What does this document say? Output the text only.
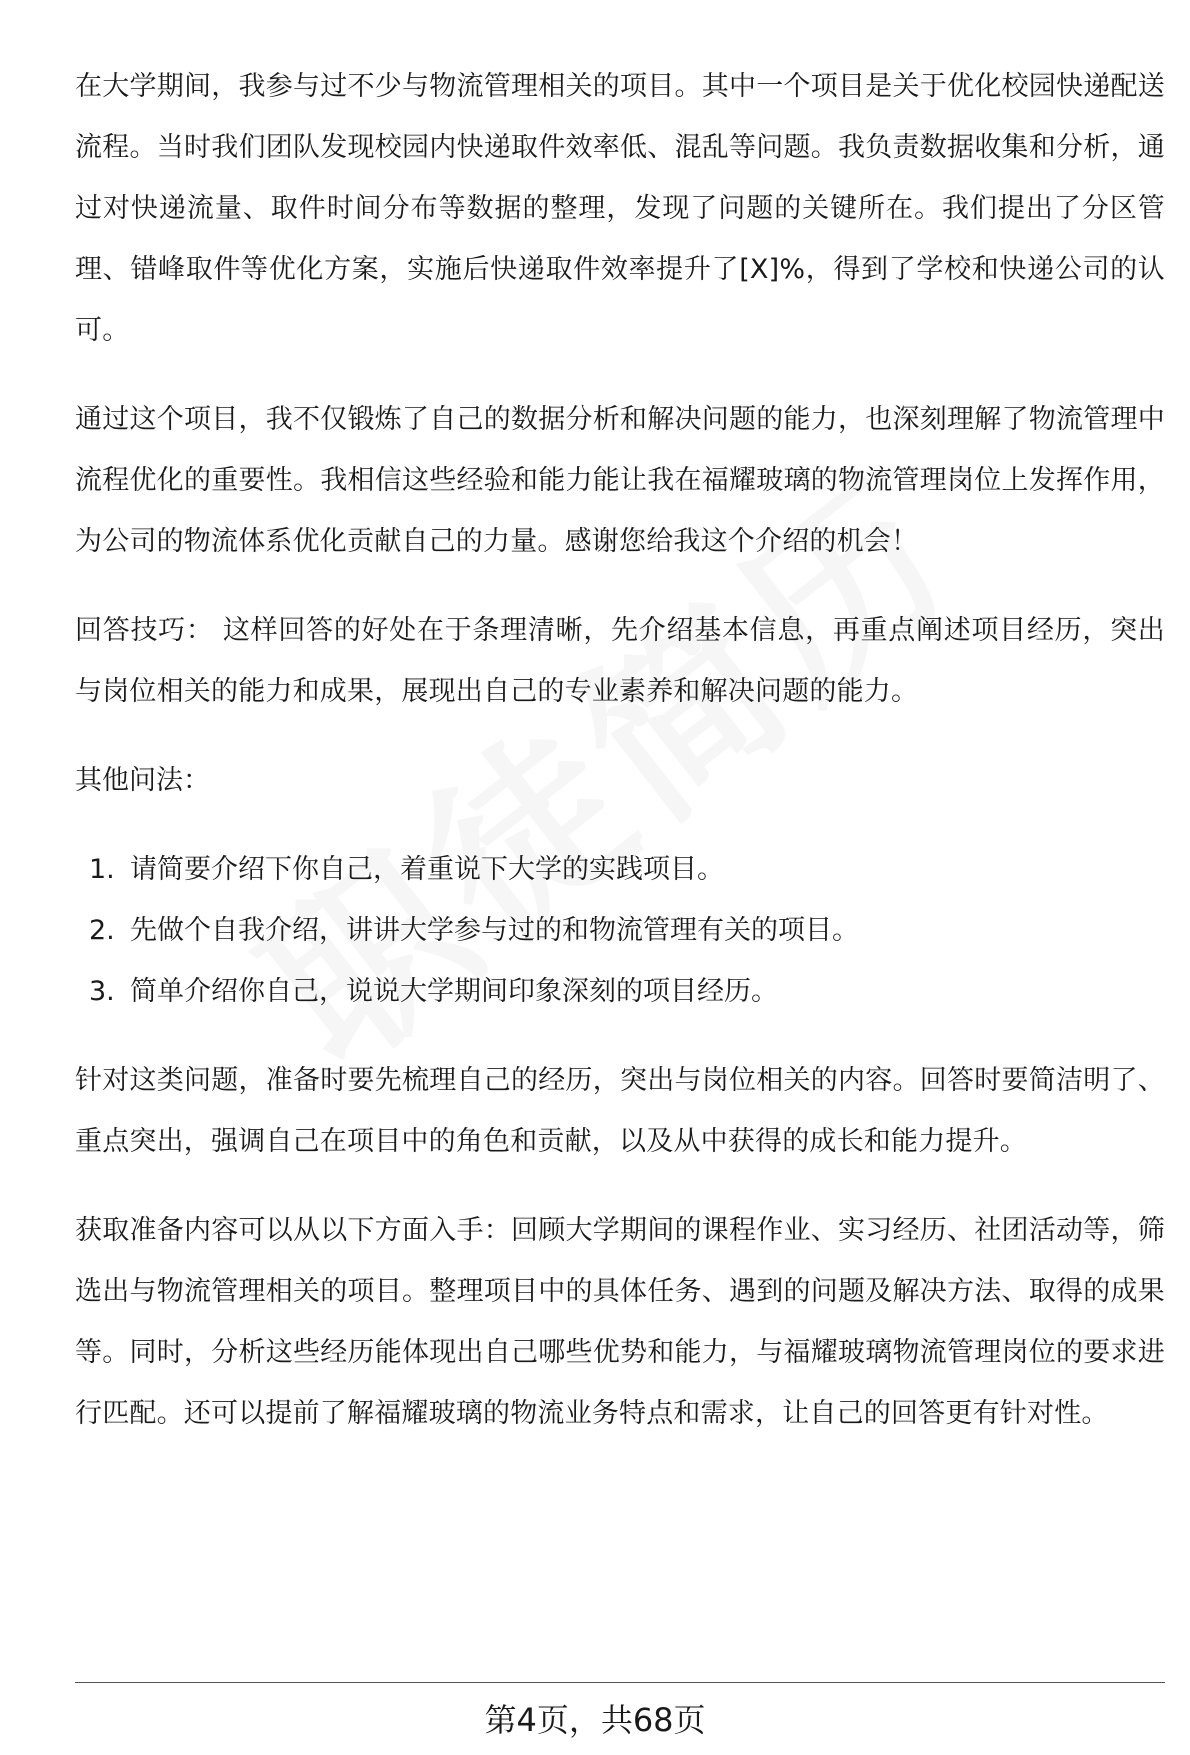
在大学期间，我参与过不少与物流管理相关的项目。其中一个项目是关于优化校园快递配送流程。当时我们团队发现校园内快递取件效率低、混乱等问题。我负责数据收集和分析，通过对快递流量、取件时间分布等数据的整理，发现了问题的关键所在。我们提出了分区管理、错峰取件等优化方案，实施后快递取件效率提升了[X]%，得到了学校和快递公司的认可。

通过这个项目，我不仅锻炼了自己的数据分析和解决问题的能力，也深刻理解了物流管理中流程优化的重要性。我相信这些经验和能力能让我在福耀玻璃的物流管理岗位上发挥作用，为公司的物流体系优化贡献自己的力量。感谢您给我这个介绍的机会！

回答技巧： 这样回答的好处在于条理清晰，先介绍基本信息，再重点阐述项目经历，突出与岗位相关的能力和成果，展现出自己的专业素养和解决问题的能力。

其他问法：

1. 请简要介绍下你自己，着重说下大学的实践项目。
2. 先做个自我介绍，讲讲大学参与过的和物流管理有关的项目。
3. 简单介绍你自己，说说大学期间印象深刻的项目经历。

针对这类问题，准备时要先梳理自己的经历，突出与岗位相关的内容。回答时要简洁明了、重点突出，强调自己在项目中的角色和贡献，以及从中获得的成长和能力提升。

获取准备内容可以从以下方面入手：回顾大学期间的课程作业、实习经历、社团活动等，筛选出与物流管理相关的项目。整理项目中的具体任务、遇到的问题及解决方法、取得的成果等。同时，分析这些经历能体现出自己哪些优势和能力，与福耀玻璃物流管理岗位的要求进行匹配。还可以提前了解福耀玻璃的物流业务特点和需求，让自己的回答更有针对性。

第4页，共68页
